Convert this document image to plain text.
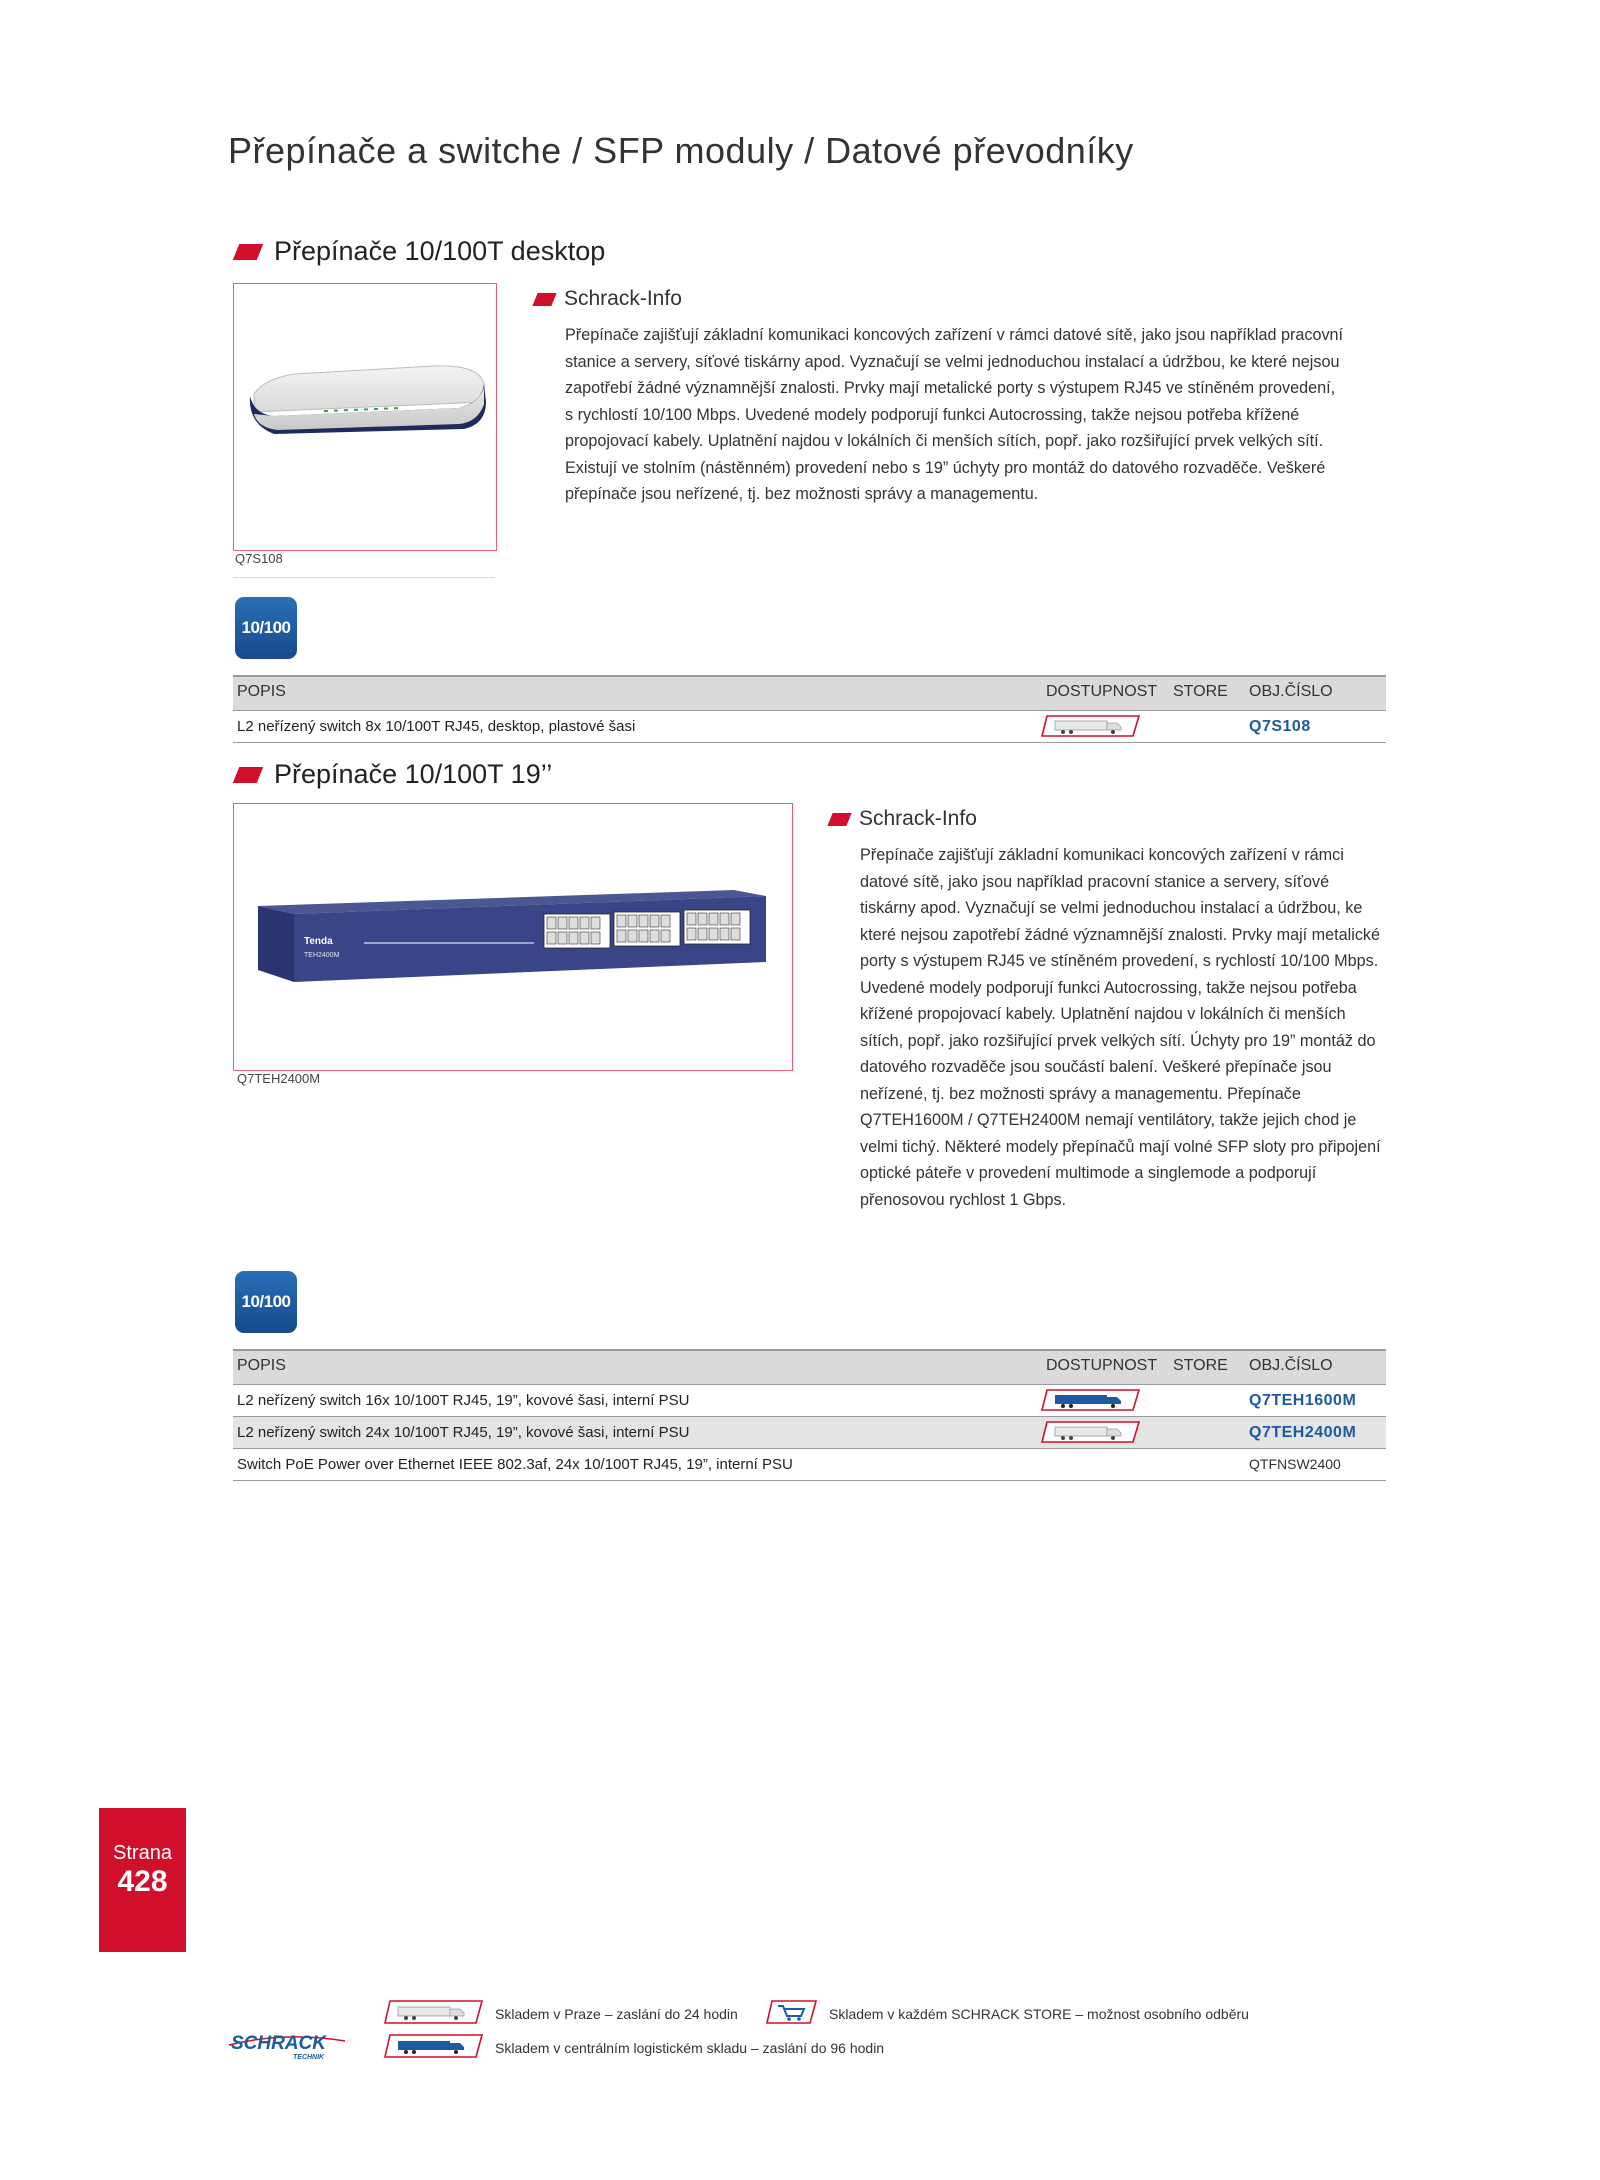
Přepínače a switche / SFP moduly / Datové převodníky
Přepínače 10/100T desktop
Q7S108
Schrack-Info
Přepínače zajišťují základní komunikaci koncových zařízení v rámci datové sítě, jako jsou například pracovní stanice a servery, síťové tiskárny apod. Vyznačují se velmi jednoduchou instalací a údržbou, ke které nejsou zapotřebí žádné významnější znalosti. Prvky mají metalické porty s výstupem RJ45 ve stíněném provedení, s rychlostí 10/100 Mbps. Uvedené modely podporují funkci Autocrossing, takže nejsou potřeba křížené propojovací kabely. Uplatnění najdou v lokálních či menších sítích, popř. jako rozšiřující prvek velkých sítí. Existují ve stolním (nástěnném) provedení nebo s 19” úchyty pro montáž do datového rozvaděče. Veškeré přepínače jsou neřízené, tj. bez možnosti správy a managementu.
10/100
POPIS	DOSTUPNOST STORE OBJ.ČÍSLO
L2 neřízený switch 8x 10/100T RJ45, desktop, plastové šasi	Q7S108
Přepínače 10/100T 19’’
Tenda
TEH2400M
Q7TEH2400M
Schrack-Info
Přepínače zajišťují základní komunikaci koncových zařízení v rámci datové sítě, jako jsou například pracovní stanice a servery, síťové tiskárny apod. Vyznačují se velmi jednoduchou instalací a údržbou, ke které nejsou zapotřebí žádné významnější znalosti. Prvky mají metalické porty s výstupem RJ45 ve stíněném provedení, s rychlostí 10/100 Mbps. Uvedené modely podporují funkci Autocrossing, takže nejsou potřeba křížené propojovací kabely. Uplatnění najdou v lokálních či menších sítích, popř. jako rozšiřující prvek velkých sítí. Úchyty pro 19” montáž do datového rozvaděče jsou součástí balení. Veškeré přepínače jsou neřízené, tj. bez možnosti správy a managementu. Přepínače Q7TEH1600M / Q7TEH2400M nemají ventilátory, takže jejich chod je velmi tichý. Některé modely přepínačů mají volné SFP sloty pro připojení optické páteře v provedení multimode a singlemode a podporují přenosovou rychlost 1 Gbps.
10/100
POPIS	DOSTUPNOST STORE OBJ.ČÍSLO
L2 neřízený switch 16x 10/100T RJ45, 19”, kovové šasi, interní PSU	Q7TEH1600M
L2 neřízený switch 24x 10/100T RJ45, 19”, kovové šasi, interní PSU	Q7TEH2400M
Switch PoE Power over Ethernet IEEE 802.3af, 24x 10/100T RJ45, 19”, interní PSU	QTFNSW2400
Strana
428
SCHRACK
TECHNIK
Skladem v Praze – zaslání do 24 hodin
Skladem v centrálním logistickém skladu – zaslání do 96 hodin
Skladem v každém SCHRACK STORE – možnost osobního odběru
